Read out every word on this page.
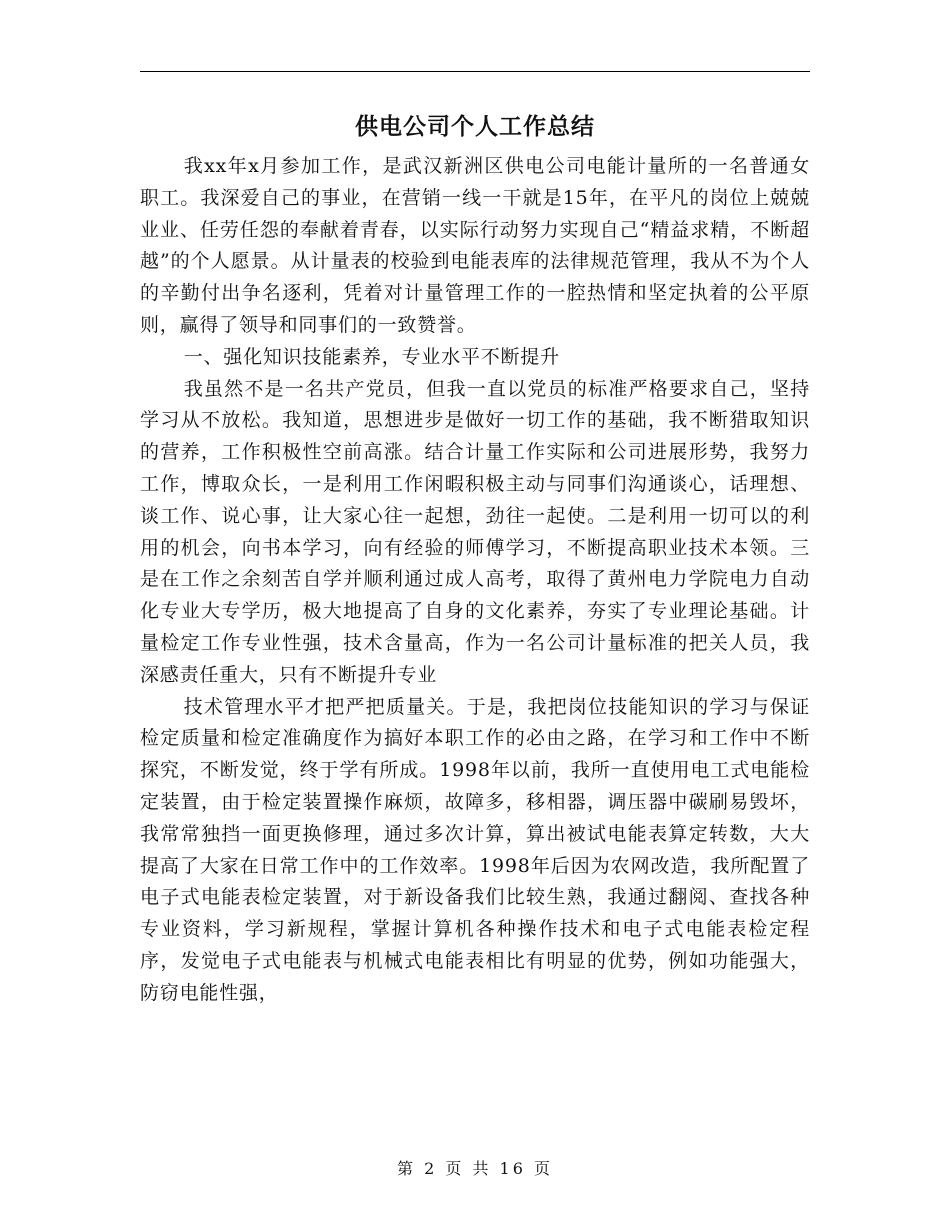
供电公司个人工作总结

我xx年x月参加工作，是武汉新洲区供电公司电能计量所的一名普通女职工。我深爱自己的事业，在营销一线一干就是15年，在平凡的岗位上兢兢业业、任劳任怨的奉献着青春，以实际行动努力实现自己“精益求精，不断超越”的个人愿景。从计量表的校验到电能表库的法律规范管理，我从不为个人的辛勤付出争名逐利，凭着对计量管理工作的一腔热情和坚定执着的公平原则，赢得了领导和同事们的一致赞誉。

一、强化知识技能素养，专业水平不断提升

我虽然不是一名共产党员，但我一直以党员的标准严格要求自己，坚持学习从不放松。我知道，思想进步是做好一切工作的基础，我不断猎取知识的营养，工作积极性空前高涨。结合计量工作实际和公司进展形势，我努力工作，博取众长，一是利用工作闲暇积极主动与同事们沟通谈心，话理想、谈工作、说心事，让大家心往一起想，劲往一起使。二是利用一切可以的利用的机会，向书本学习，向有经验的师傅学习，不断提高职业技术本领。三是在工作之余刻苦自学并顺利通过成人高考，取得了黄州电力学院电力自动化专业大专学历，极大地提高了自身的文化素养，夯实了专业理论基础。计量检定工作专业性强，技术含量高，作为一名公司计量标准的把关人员，我深感责任重大，只有不断提升专业

技术管理水平才把严把质量关。于是，我把岗位技能知识的学习与保证检定质量和检定准确度作为搞好本职工作的必由之路，在学习和工作中不断探究，不断发觉，终于学有所成。1998年以前，我所一直使用电工式电能检定装置，由于检定装置操作麻烦，故障多，移相器，调压器中碳刷易毁坏，我常常独挡一面更换修理，通过多次计算，算出被试电能表算定转数，大大提高了大家在日常工作中的工作效率。1998年后因为农网改造，我所配置了电子式电能表检定装置，对于新设备我们比较生熟，我通过翻阅、查找各种专业资料，学习新规程，掌握计算机各种操作技术和电子式电能表检定程序，发觉电子式电能表与机械式电能表相比有明显的优势，例如功能强大，防窃电能性强，

第 2 页 共 16 页
